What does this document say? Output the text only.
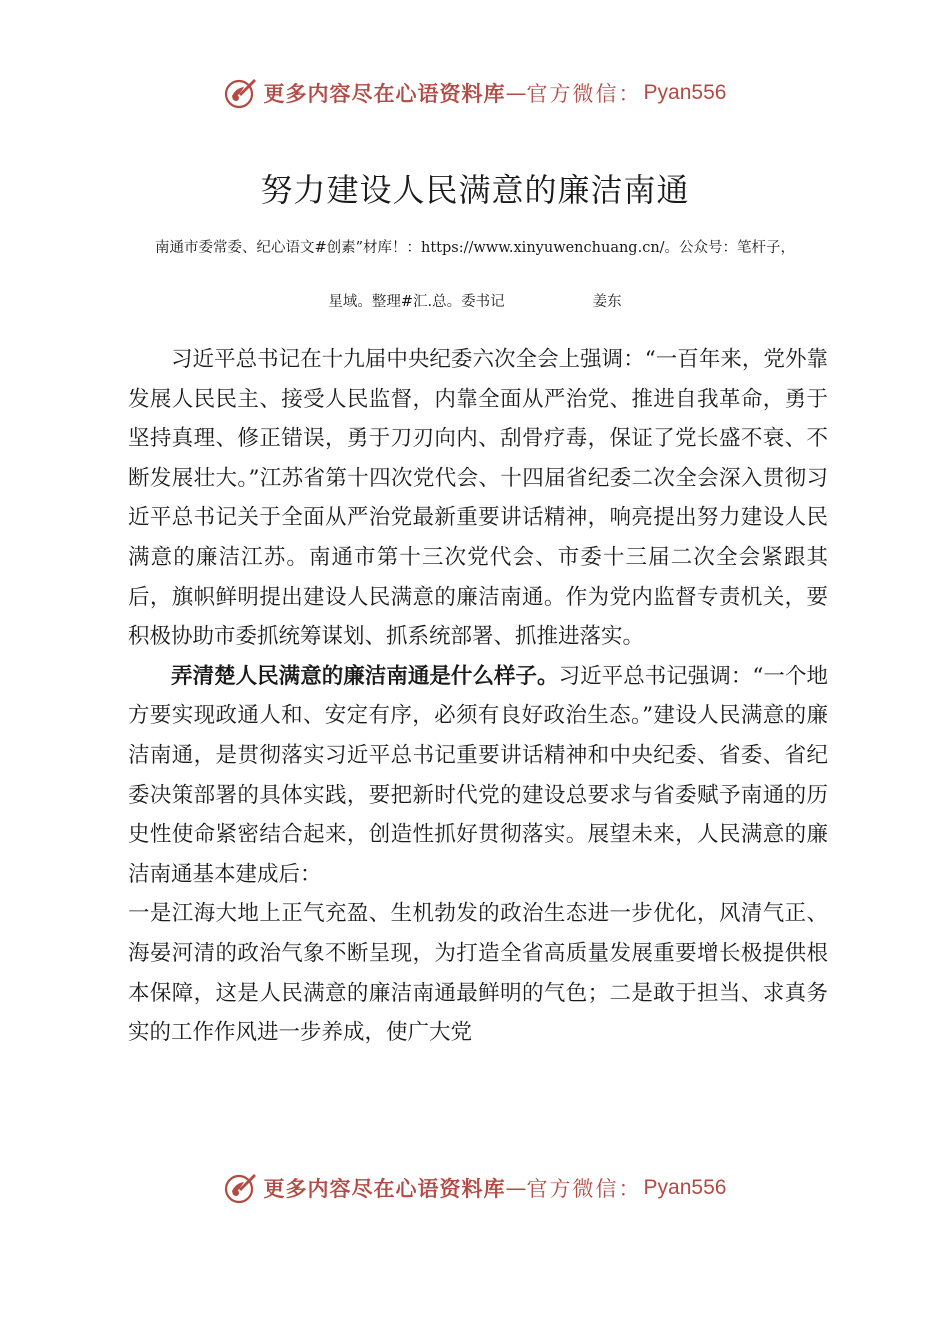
更多内容尽在心语资料库 — 官方微信： Pyan556
努力建设人民满意的廉洁南通
南通市委常委、纪心语文#创素”材库！：https://www.xinyuwenchuang.cn/。公众号：笔杆子，
星域。整理#汇.总。委书记	姜东

习近平总书记在十九届中央纪委六次全会上强调：“一百年来，党外靠发展人民民主、接受人民监督，内靠全面从严治党、推进自我革命，勇于坚持真理、修正错误，勇于刀刃向内、刮骨疗毒，保证了党长盛不衰、不断发展壮大。”江苏省第十四次党代会、十四届省纪委二次全会深入贯彻习近平总书记关于全面从严治党最新重要讲话精神，响亮提出努力建设人民满意的廉洁江苏。南通市第十三次党代会、市委十三届二次全会紧跟其后，旗帜鲜明提出建设人民满意的廉洁南通。作为党内监督专责机关，要积极协助市委抓统筹谋划、抓系统部署、抓推进落实。

弄清楚人民满意的廉洁南通是什么样子。习近平总书记强调：“一个地方要实现政通人和、安定有序，必须有良好政治生态。”建设人民满意的廉洁南通，是贯彻落实习近平总书记重要讲话精神和中央纪委、省委、省纪委决策部署的具体实践，要把新时代党的建设总要求与省委赋予南通的历史性使命紧密结合起来，创造性抓好贯彻落实。展望未来，人民满意的廉洁南通基本建成后：

一是江海大地上正气充盈、生机勃发的政治生态进一步优化，风清气正、海晏河清的政治气象不断呈现，为打造全省高质量发展重要增长极提供根本保障，这是人民满意的廉洁南通最鲜明的气色；二是敢于担当、求真务实的工作作风进一步养成，使广大党

更多内容尽在心语资料库 — 官方微信： Pyan556
